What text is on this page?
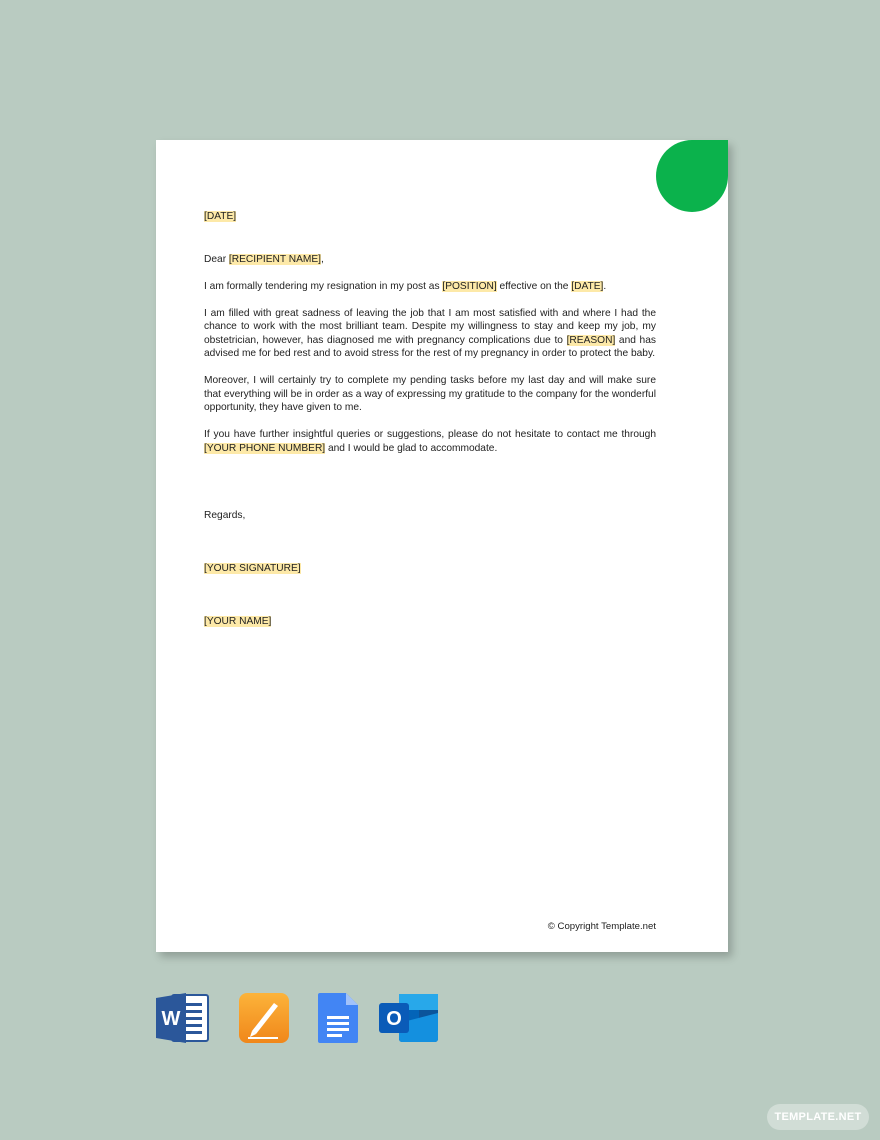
[DATE]

Dear [RECIPIENT NAME],

I am formally tendering my resignation in my post as [POSITION] effective on the [DATE].

I am filled with great sadness of leaving the job that I am most satisfied with and where I had the chance to work with the most brilliant team. Despite my willingness to stay and keep my job, my obstetrician, however, has diagnosed me with pregnancy complications due to [REASON] and has advised me for bed rest and to avoid stress for the rest of my pregnancy in order to protect the baby.

Moreover, I will certainly try to complete my pending tasks before my last day and will make sure that everything will be in order as a way of expressing my gratitude to the company for the wonderful opportunity, they have given to me.

If you have further insightful queries or suggestions, please do not hesitate to contact me through [YOUR PHONE NUMBER] and I would be glad to accommodate.

Regards,

[YOUR SIGNATURE]

[YOUR NAME]

© Copyright Template.net
W	O
TEMPLATE.NET
